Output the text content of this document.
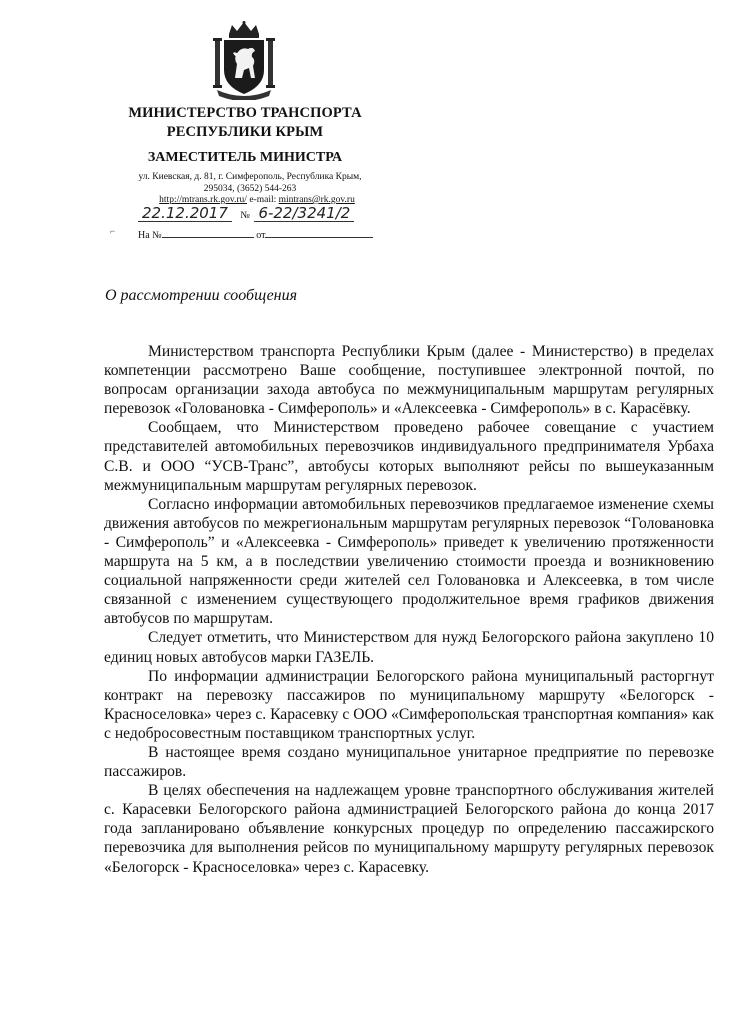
МИНИСТЕРСТВО ТРАНСПОРТА
РЕСПУБЛИКИ КРЫМ
ЗАМЕСТИТЕЛЬ МИНИСТРА
ул. Киевская, д. 81, г. Симферополь, Республика Крым,
295034, (3652) 544-263
http://mtrans.rk.gov.ru/ e-mail: mintrans@rk.gov.ru
22.12.2017 № 6-22/3241/2
⌐ На №	от
О рассмотрении сообщения

Министерством транспорта Республики Крым (далее - Министерство) в пределах компетенции рассмотрено Ваше сообщение, поступившее электронной почтой, по вопросам организации захода автобуса по межмуниципальным маршрутам регулярных перевозок «Головановка - Симферополь» и «Алексеевка - Симферополь» в с. Карасёвку.

Сообщаем, что Министерством проведено рабочее совещание с участием представителей автомобильных перевозчиков индивидуального предпринимателя Урбаха С.В. и ООО “УСВ-Транс”, автобусы которых выполняют рейсы по вышеуказанным межмуниципальным маршрутам регулярных перевозок.

Согласно информации автомобильных перевозчиков предлагаемое изменение схемы движения автобусов по межрегиональным маршрутам регулярных перевозок “Головановка - Симферополь” и «Алексеевка - Симферополь» приведет к увеличению протяженности маршрута на 5 км, а в последствии увеличению стоимости проезда и возникновению социальной напряженности среди жителей сел Головановка и Алексеевка, в том числе связанной с изменением существующего продолжительное время графиков движения автобусов по маршрутам.

Следует отметить, что Министерством для нужд Белогорского района закуплено 10 единиц новых автобусов марки ГАЗЕЛЬ.

По информации администрации Белогорского района муниципальный расторгнут контракт на перевозку пассажиров по муниципальному маршруту «Белогорск - Красноселовка» через с. Карасевку с ООО «Симферопольская транспортная компания» как с недобросовестным поставщиком транспортных услуг.

В настоящее время создано муниципальное унитарное предприятие по перевозке пассажиров.

В целях обеспечения на надлежащем уровне транспортного обслуживания жителей с. Карасевки Белогорского района администрацией Белогорского района до конца 2017 года запланировано объявление конкурсных процедур по определению пассажирского перевозчика для выполнения рейсов по муниципальному маршруту регулярных перевозок «Белогорск - Красноселовка» через с. Карасевку.
